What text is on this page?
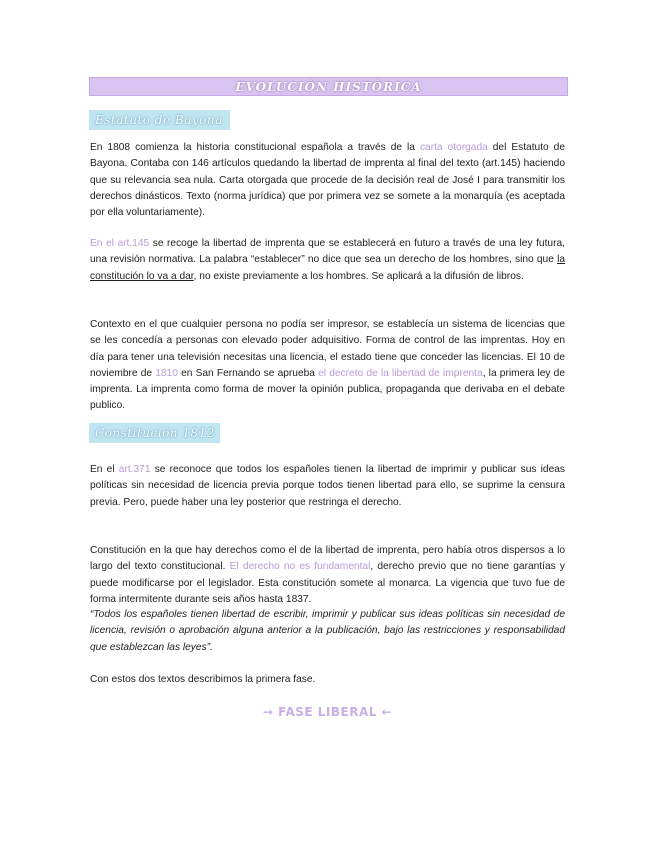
EVOLUCIÓN HISTÓRICA
Estatuto de Bayona

En 1808 comienza la historia constitucional española a través de la carta otorgada del Estatuto de Bayona. Contaba con 146 artículos quedando la libertad de imprenta al final del texto (art.145) haciendo que su relevancia sea nula. Carta otorgada que procede de la decisión real de José I para transmitir los derechos dinásticos. Texto (norma jurídica) que por primera vez se somete a la monarquía (es aceptada por ella voluntariamente).

En el art.145 se recoge la libertad de imprenta que se establecerá en futuro a través de una ley futura, una revisión normativa. La palabra “establecer” no dice que sea un derecho de los hombres, sino que la constitución lo va a dar, no existe previamente a los hombres. Se aplicará a la difusión de libros.

Contexto en el que cualquier persona no podía ser impresor, se establecía un sistema de licencias que se les concedía a personas con elevado poder adquisitivo. Forma de control de las imprentas. Hoy en día para tener una televisión necesitas una licencia, el estado tiene que conceder las licencias. El 10 de noviembre de 1810 en San Fernando se aprueba el decreto de la libertad de imprenta, la primera ley de imprenta. La imprenta como forma de mover la opinión publica, propaganda que derivaba en el debate publico.

Constitución 1812

En el art.371 se reconoce que todos los españoles tienen la libertad de imprimir y publicar sus ideas políticas sin necesidad de licencia previa porque todos tienen libertad para ello, se suprime la censura previa. Pero, puede haber una ley posterior que restringa el derecho.

Constitución en la que hay derechos como el de la libertad de imprenta, pero había otros dispersos a lo largo del texto constitucional. El derecho no es fundamental, derecho previo que no tiene garantías y puede modificarse por el legislador. Esta constitución somete al monarca. La vigencia que tuvo fue de forma intermitente durante seis años hasta 1837.

“Todos los españoles tienen libertad de escribir, imprimir y publicar sus ideas políticas sin necesidad de licencia, revisión o aprobación alguna anterior a la publicación, bajo las restricciones y responsabilidad que establezcan las leyes”.

Con estos dos textos describimos la primera fase.

→ FASE LIBERAL ←
